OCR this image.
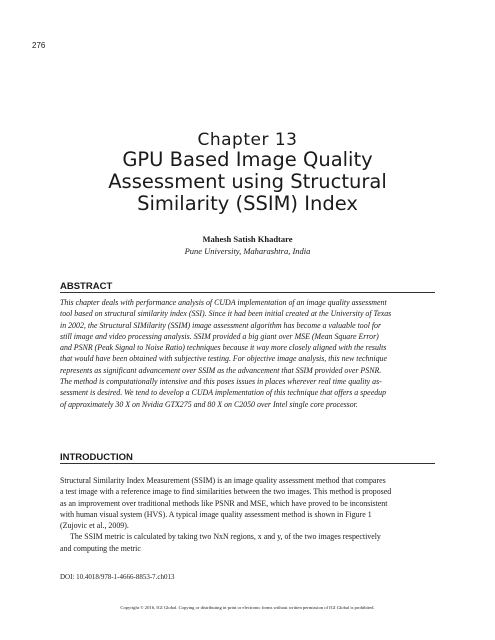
276
Chapter 13
GPU Based Image Quality
Assessment using Structural
Similarity (SSIM) Index
Mahesh Satish Khadtare
Pune University, Maharashtra, India
ABSTRACT
This chapter deals with performance analysis of CUDA implementation of an image quality assessment
tool based on structural similarity index (SSI). Since it had been initial created at the University of Texas
in 2002, the Structural SIMilarity (SSIM) image assessment algorithm has become a valuable tool for
still image and video processing analysis. SSIM provided a big giant over MSE (Mean Square Error)
and PSNR (Peak Signal to Noise Ratio) techniques because it way more closely aligned with the results
that would have been obtained with subjective testing. For objective image analysis, this new technique
represents as significant advancement over SSIM as the advancement that SSIM provided over PSNR.
The method is computationally intensive and this poses issues in places wherever real time quality as-
sessment is desired. We tend to develop a CUDA implementation of this technique that offers a speedup
of approximately 30 X on Nvidia GTX275 and 80 X on C2050 over Intel single core processor.
INTRODUCTION
Structural Similarity Index Measurement (SSIM) is an image quality assessment method that compares
a test image with a reference image to find similarities between the two images. This method is proposed
as an improvement over traditional methods like PSNR and MSE, which have proved to be inconsistent
with human visual system (HVS). A typical image quality assessment method is shown in Figure 1
(Zujovic et al., 2009).
The SSIM metric is calculated by taking two NxN regions, x and y, of the two images respectively
and computing the metric
DOI: 10.4018/978-1-4666-8853-7.ch013
Copyright © 2016, IGI Global. Copying or distributing in print or electronic forms without written permission of IGI Global is prohibited.
